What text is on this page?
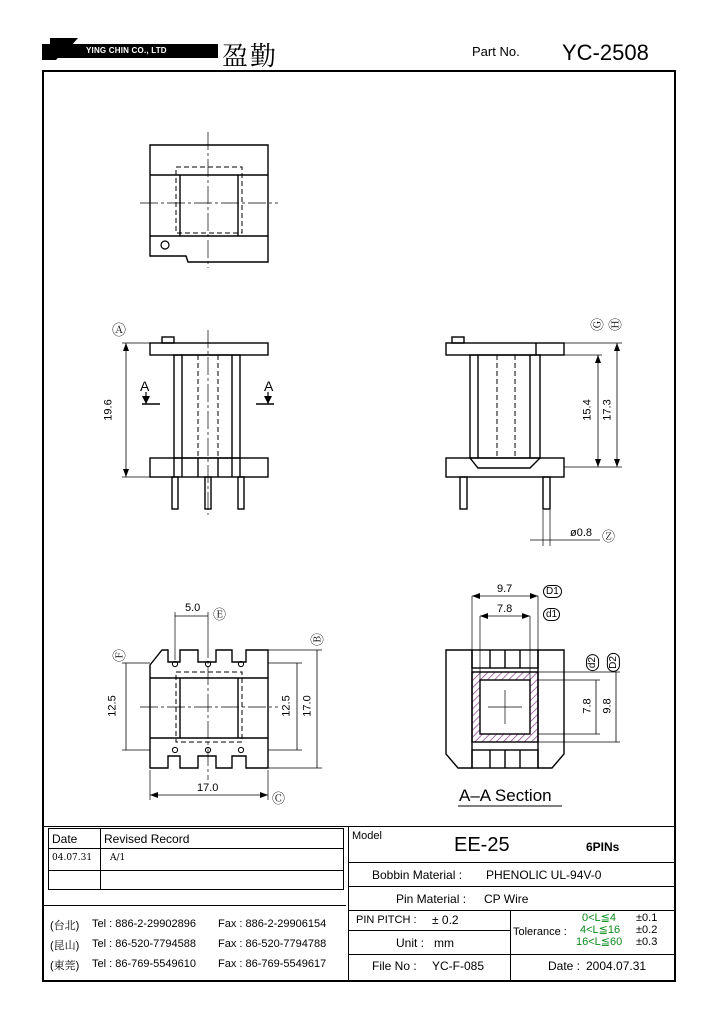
YING CHIN CO., LTD	盈勤	Part No. YC-2508
Ⓐ
A	A
19.6
Ⓖ Ⓗ
15.4 17.3
ø0.8 Ⓩ
5.0 Ⓔ
Ⓕ
Ⓑ
12.5	12.5 17.0
17.0
Ⓒ
9.7	D1
7.8	d1
d2 D2
7.8 9.8
A–A Section
Date Revised Record
04.07.31 A/1
(台北) Tel : 886-2-29902896 Fax : 886-2-29906154
(昆山) Tel : 86-520-7794588 Fax : 86-520-7794788
(東莞) Tel : 86-769-5549610 Fax : 86-769-5549617
Model	EE-25	6PINs
Bobbin Material : PHENOLIC UL-94V-0
Pin Material : CP Wire
PIN PITCH : ± 0.2
Unit : mm
File No : YC-F-085	Date : 2004.07.31
Tolerance :
0<L≦4 ±0.1
4<L≦16 ±0.2
16<L≦60 ±0.3
